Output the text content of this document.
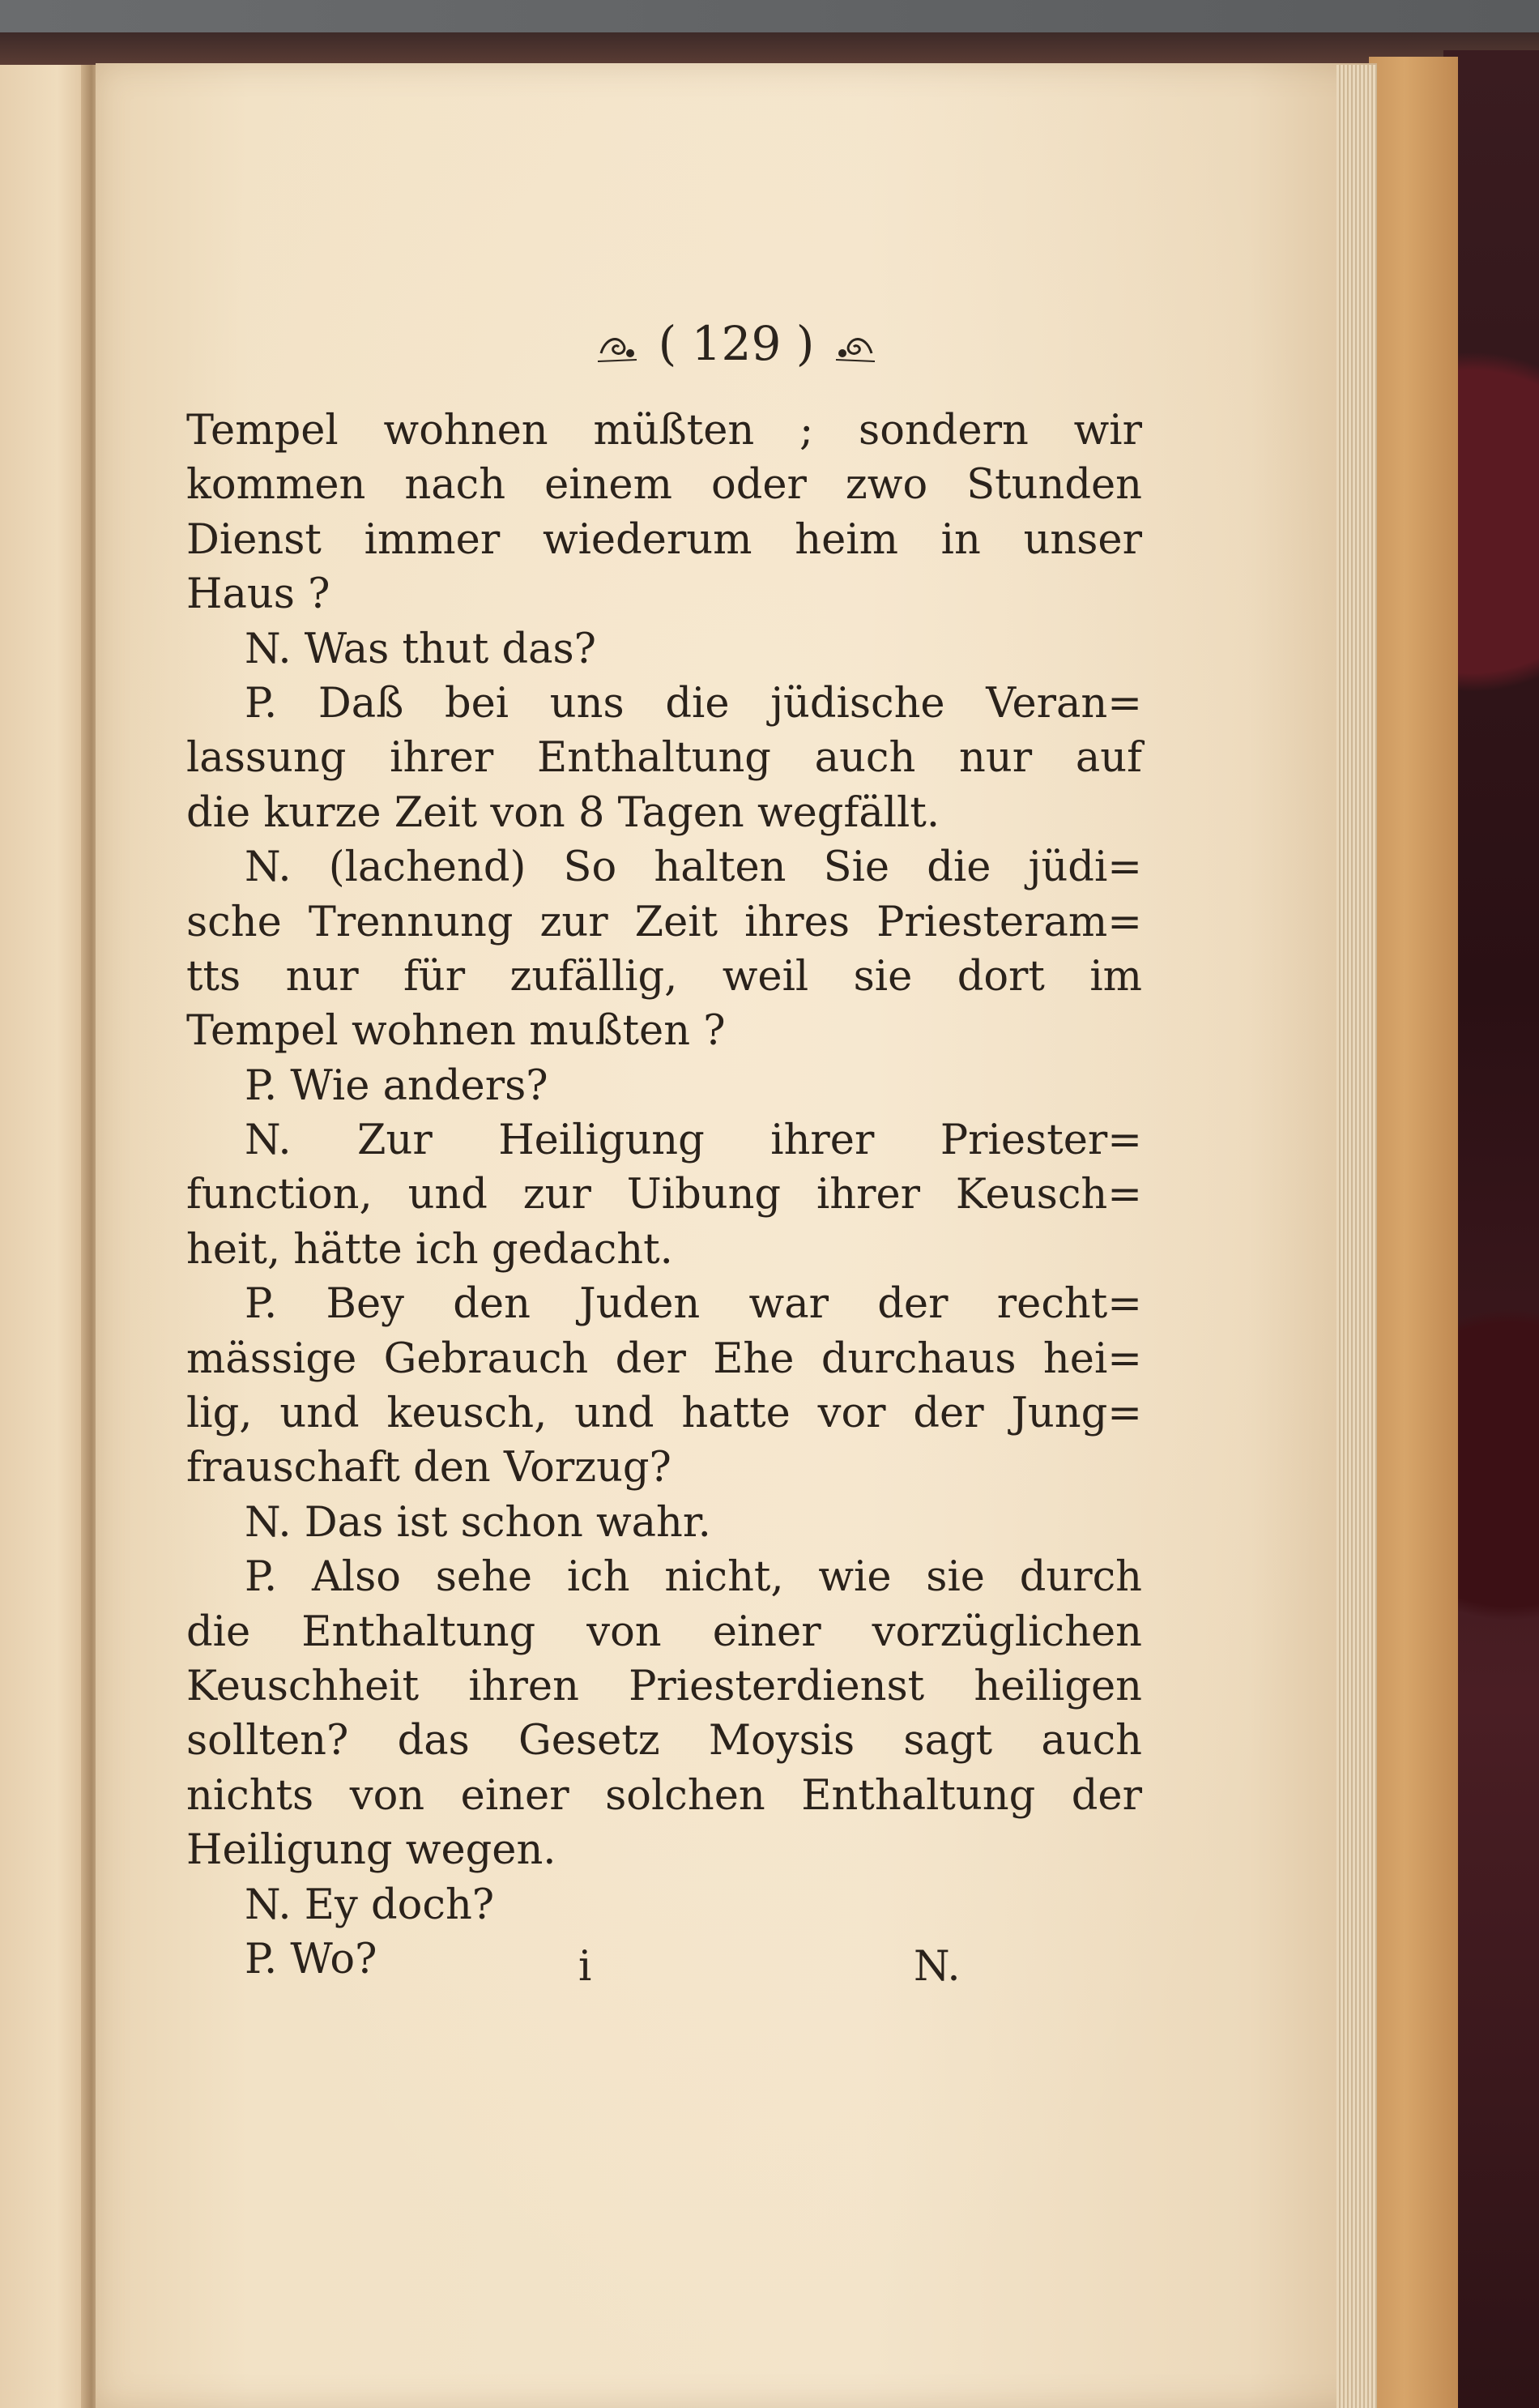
( 129 )
Tempel wohnen müßten ; sondern wir
kommen nach einem oder zwo Stunden
Dienst immer wiederum heim in unser
Haus ?
N. Was thut das?
P. Daß bei uns die jüdische Veran=
lassung ihrer Enthaltung auch nur auf
die kurze Zeit von 8 Tagen wegfällt.
N. (lachend) So halten Sie die jüdi=
sche Trennung zur Zeit ihres Priesteram=
tts nur für zufällig, weil sie dort im
Tempel wohnen mußten ?
P. Wie anders?
N. Zur Heiligung ihrer Priester=
function, und zur Uibung ihrer Keusch=
heit, hätte ich gedacht.
P. Bey den Juden war der recht=
mässige Gebrauch der Ehe durchaus hei=
lig, und keusch, und hatte vor der Jung=
frauschaft den Vorzug?
N. Das ist schon wahr.
P. Also sehe ich nicht, wie sie durch
die Enthaltung von einer vorzüglichen
Keuschheit ihren Priesterdienst heiligen
sollten? das Gesetz Moysis sagt auch
nichts von einer solchen Enthaltung der
Heiligung wegen.
N. Ey doch?
P. Wo?	i	N.
